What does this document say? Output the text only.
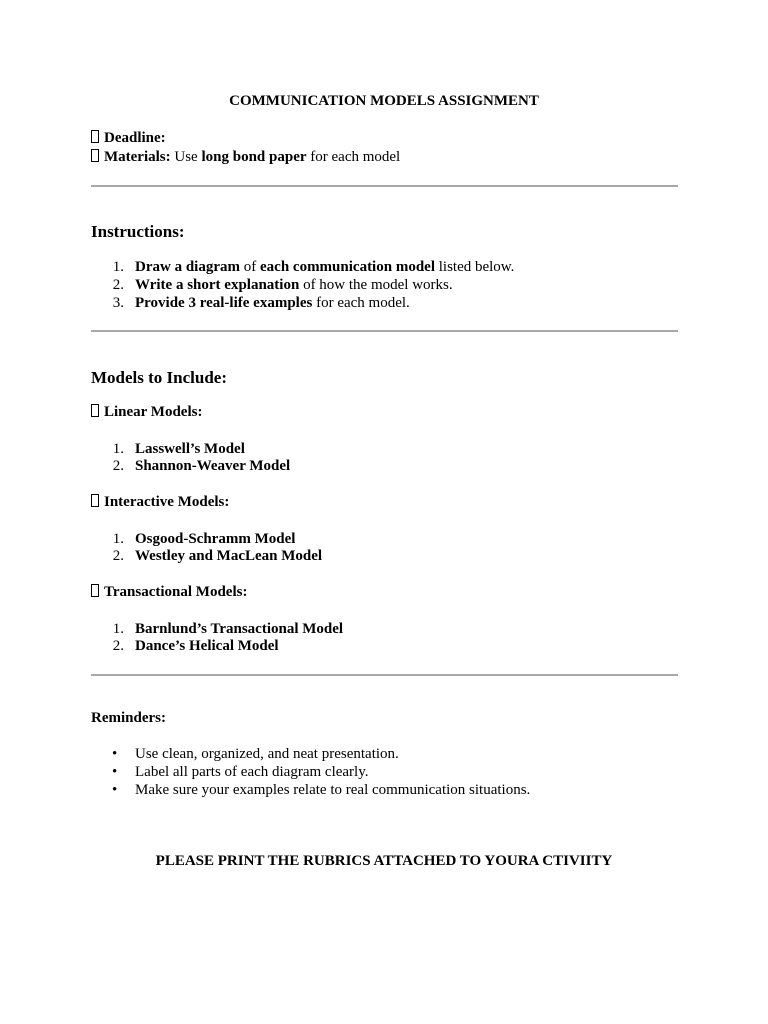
COMMUNICATION MODELS ASSIGNMENT
Deadline:
Materials: Use long bond paper for each model
Instructions:
1. Draw a diagram of each communication model listed below.
2. Write a short explanation of how the model works.
3. Provide 3 real-life examples for each model.
Models to Include:
Linear Models:
1. Lasswell’s Model
2. Shannon-Weaver Model
Interactive Models:
1. Osgood-Schramm Model
2. Westley and MacLean Model
Transactional Models:
1. Barnlund’s Transactional Model
2. Dance’s Helical Model
Reminders:
• Use clean, organized, and neat presentation.
• Label all parts of each diagram clearly.
• Make sure your examples relate to real communication situations.
PLEASE PRINT THE RUBRICS ATTACHED TO YOURA CTIVIITY
